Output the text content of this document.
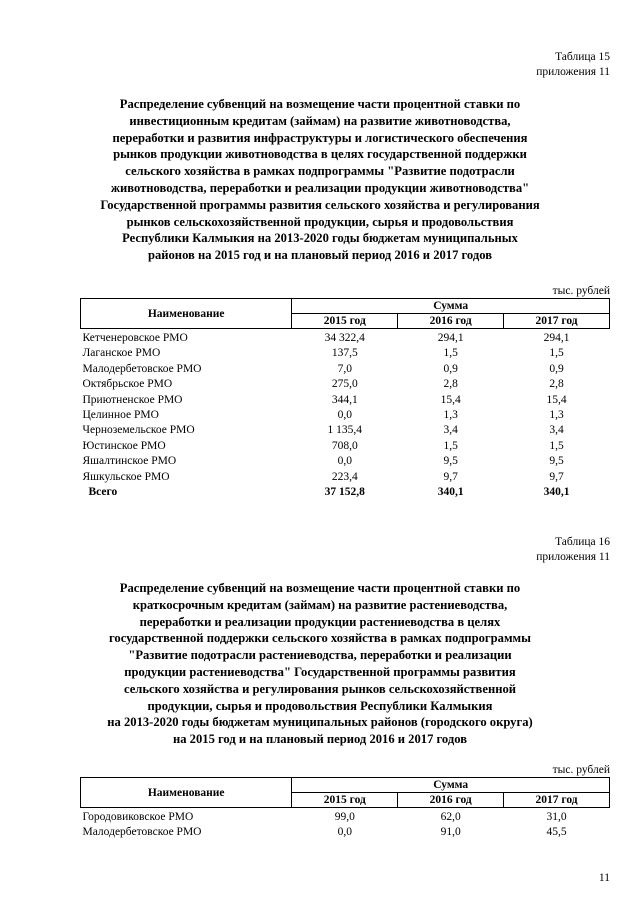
Таблица 15
приложения 11
Распределение субвенций на возмещение части процентной ставки по
инвестиционным кредитам (займам) на развитие животноводства,
переработки и развития инфраструктуры и логистического обеспечения
рынков продукции животноводства в целях государственной поддержки
сельского хозяйства в рамках подпрограммы "Развитие подотрасли
животноводства, переработки и реализации продукции животноводства"
Государственной программы развития сельского хозяйства и регулирования
рынков сельскохозяйственной продукции, сырья и продовольствия
Республики Калмыкия на 2013-2020 годы бюджетам муниципальных
районов на 2015 год и на плановый период 2016 и 2017 годов
тыс. рублей
Наименование	Сумма		
	2015 год	2016 год	2017 год
Кетченеровское РМО	34 322,4	294,1	294,1
Лаганское РМО	137,5	1,5	1,5
Малодербетовское РМО	7,0	0,9	0,9
Октябрьское РМО	275,0	2,8	2,8
Приютненское РМО	344,1	15,4	15,4
Целинное РМО	0,0	1,3	1,3
Черноземельское РМО	1 135,4	3,4	3,4
Юстинское РМО	708,0	1,5	1,5
Яшалтинское РМО	0,0	9,5	9,5
Яшкульское РМО	223,4	9,7	9,7
Всего	37 152,8	340,1	340,1
Таблица 16
приложения 11
Распределение субвенций на возмещение части процентной ставки по
краткосрочным кредитам (займам) на развитие растениеводства,
переработки и реализации продукции растениеводства в целях
государственной поддержки сельского хозяйства в рамках подпрограммы
"Развитие подотрасли растениеводства, переработки и реализации
продукции растениеводства" Государственной программы развития
сельского хозяйства и регулирования рынков сельскохозяйственной
продукции, сырья и продовольствия Республики Калмыкия
на 2013-2020 годы бюджетам муниципальных районов (городского округа)
на 2015 год и на плановый период 2016 и 2017 годов
тыс. рублей
Наименование	Сумма		
	2015 год	2016 год	2017 год
Городовиковское РМО	99,0	62,0	31,0
Малодербетовское РМО	0,0	91,0	45,5
11
